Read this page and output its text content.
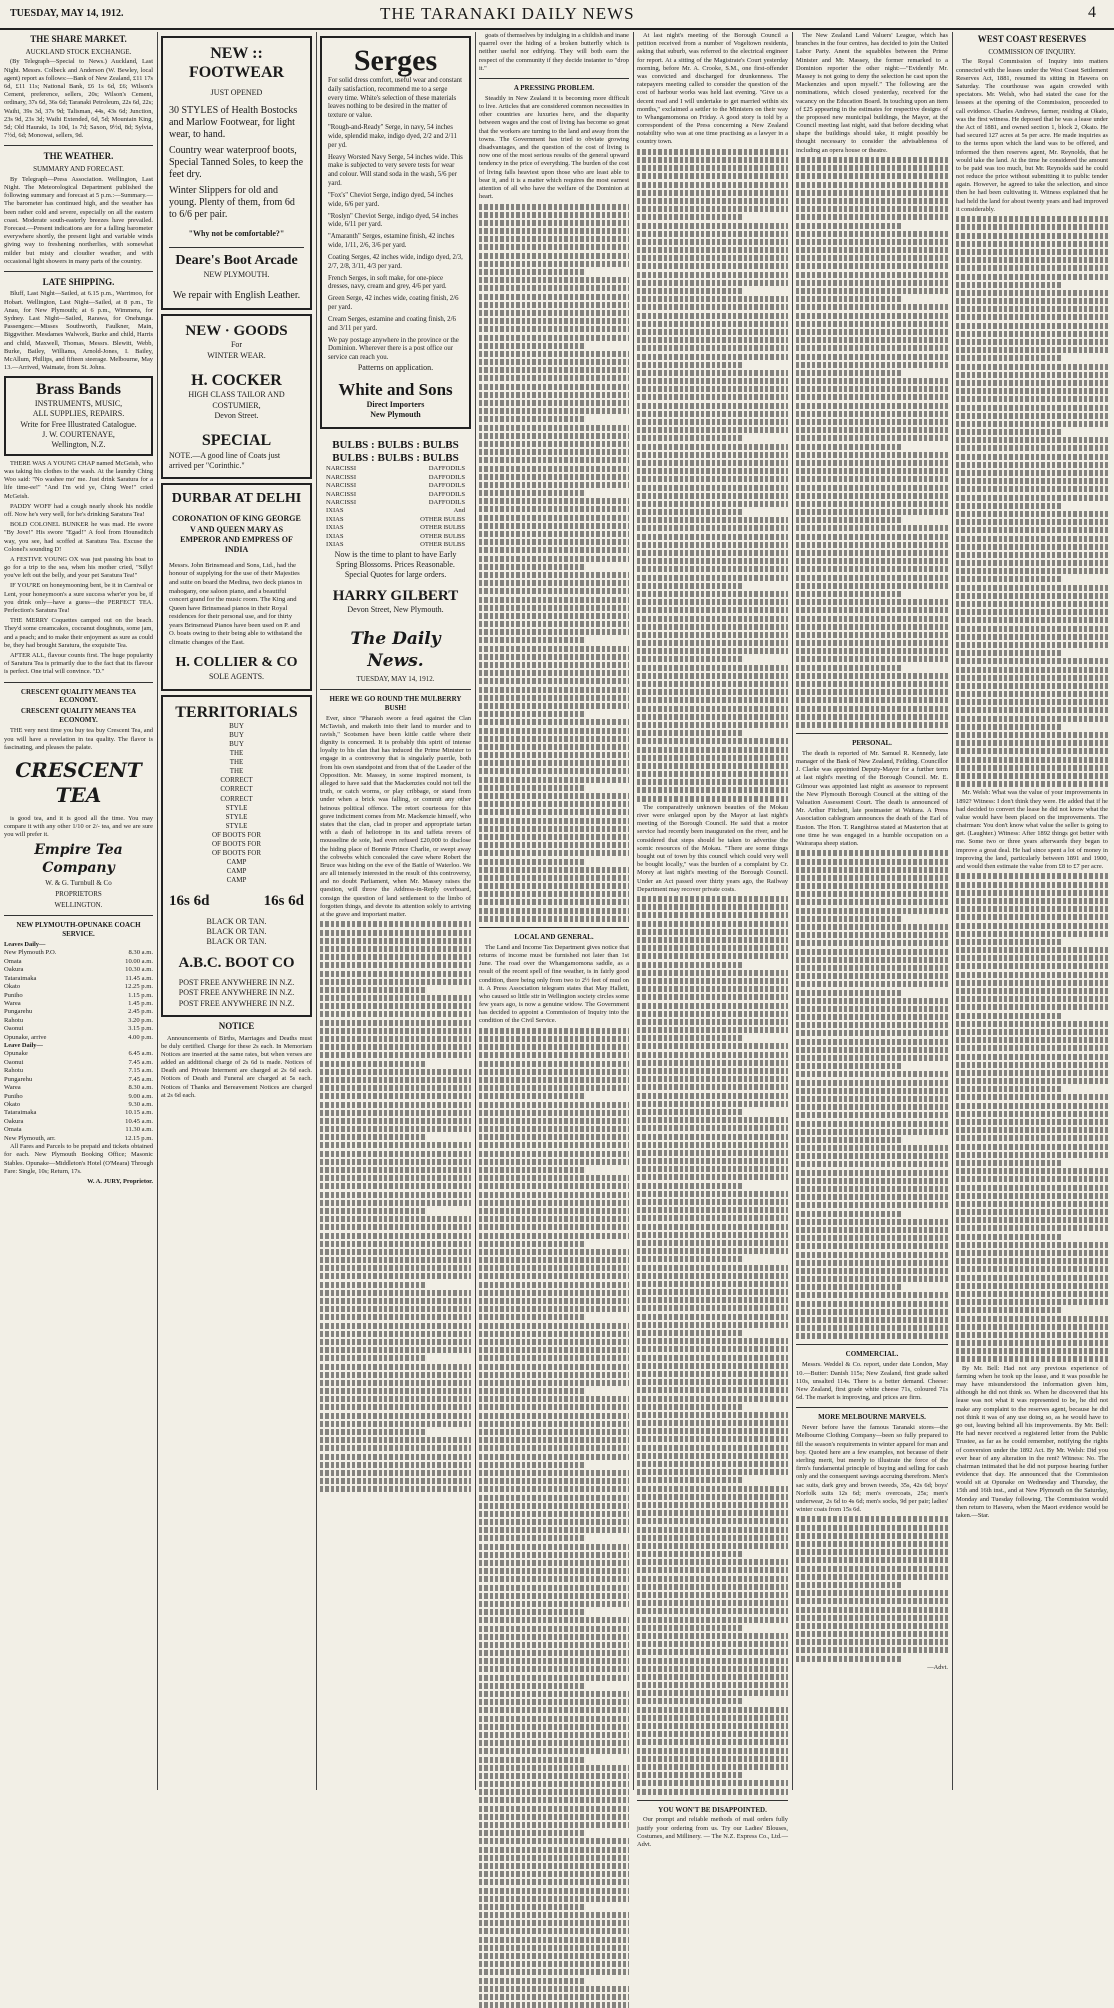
TUESDAY, MAY 14, 1912.	THE TARANAKI DAILY NEWS	4
THE SHARE MARKET.
AUCKLAND STOCK EXCHANGE.

(By Telegraph—Special to News.) Auckland, Last Night. Messrs. Colbeck and Anderson (W. Bewley, local agent) report as follows:—Bank of New Zealand, £11 17s 6d, £11 11s; National Bank, £6 1s 6d, £6; Wilson's Cement, preference, sellers, 20s; Wilson's Cement, ordinary, 37s 6d, 36s 6d; Taranaki Petroleum, 22s 6d, 22s; Waihi, 39s 3d, 37s 9d; Talisman, 44s, 43s 6d; Junction, 23s 9d, 23s 3d; Waihi Extended, 6d, 5d; Mountain King, 5d; Old Hauraki, 1s 10d, 1s 7d; Saxon, 9½d, 8d; Sylvia, 7½d, 6d; Monowai, sellers, 9d.

THE WEATHER.
SUMMARY AND FORECAST.

By Telegraph—Press Association. Wellington, Last Night. The Meteorological Department published the following summary and forecast at 5 p.m.:—Summary.—The barometer has continued high, and the weather has been rather cold and severe, especially on all the eastern coast. Moderate south-easterly breezes have prevailed. Forecast.—Present indications are for a falling barometer everywhere shortly, the present light and variable winds giving way to freshening northerlies, with somewhat milder but misty and cloudier weather, and with occasional light showers in many parts of the country.

LATE SHIPPING.

Bluff, Last Night—Sailed, at 6.15 p.m., Warrimoo, for Hobart. Wellington, Last Night—Sailed, at 8 p.m., Te Anau, for New Plymouth; at 6 p.m., Wimmera, for Sydney. Last Night—Sailed, Rarawa, for Onehunga. Passengers:—Misses Southworth, Faulkner, Main, Biggwither. Mesdames Walwork, Burke and child, Harris and child, Maxwell, Thomas, Messrs. Blewitt, Webb, Burke, Bailey, Williams, Arnold-Jones, I. Bailey, McAllum, Phillips, and fifteen steerage. Melbourne, May 13.—Arrived, Waimate, from St. Johns.

Brass Bands
INSTRUMENTS, MUSIC,
ALL SUPPLIES, REPAIRS.
Write for Free Illustrated Catalogue.
J. W. COURTENAYE,
Wellington, N.Z.

THERE WAS A YOUNG CHAP named McGeish, who was taking his clothes to the wash. At the laundry Ching Woo said: "No washee mo' me. Just drink Saratura for a life time-ee!" "And I'm wid ye, Ching Wee!" cried McGeish.

PADDY WOFF had a cough nearly shook his noddle off. Now he's very well, for he's drinking Saratura Tea!

BOLD COLONEL BUNKER he was mad. He swore "By Jove!" His swore "Egad!" A fool from Hounsditch way, you see, had scoffed at Saratura Tea. Excuse the Colonel's sounding D!

A FESTIVE YOUNG OX was just passing his boat to go for a trip to the sea, when his mother cried, "Silly! you've left out the belly, and your pet Saratura Tea!"

IF YOU'RE on honeymooning bent, be it in Carnival or Lent, your honeymoon's a sure success wher'er you be, if you drink only—have a guess—the PERFECT TEA. Perfection's Saratura Tea!

THE MERRY Coquettes camped out on the beach. They'd some creamcakes, cocoanut doughnuts, some jam, and a peach; and to make their enjoyment as sure as could be, they had brought Saratura, the exquisite Tea.

AFTER ALL, flavour counts first. The huge popularity of Saratura Tea is primarily due to the fact that its flavour is perfect. One trial will convince. "D."

CRESCENT QUALITY MEANS TEA ECONOMY.
CRESCENT QUALITY MEANS TEA ECONOMY.

THE very next time you buy tea buy Crescent Tea, and you will have a revelation in tea quality. The flavor is fascinating, and pleases the palate.

CRESCENT TEA

is good tea, and it is good all the time. You may compare it with any other 1/10 or 2/- tea, and we are sure you will prefer it.

Empire Tea Company
W. & G. Turnbull & Co
PROPRIETORS
WELLINGTON.
NEW PLYMOUTH-OPUNAKE COACH SERVICE.
Leaves Daily—
New Plymouth P.O.	8.30 a.m.
Omata	10.00 a.m.
Oakura	10.30 a.m.
Tataraimaka	11.45 a.m.
Okato	12.25 p.m.
Puniho	1.15 p.m.
Warea	1.45 p.m.
Pungarehu	2.45 p.m.
Rahotu	3.20 p.m.
Oaonui	3.15 p.m.
Opunake, arrive	4.00 p.m.
Leave Daily—
Opunake	6.45 a.m.
Oaonui	7.45 a.m.
Rahotu	7.15 a.m.
Pungarehu	7.45 a.m.
Warea	8.30 a.m.
Puniho	9.00 a.m.
Okato	9.30 a.m.
Tataraimaka	10.15 a.m.
Oakura	10.45 a.m.
Omata	11.30 a.m.
New Plymouth, arr.	12.15 p.m.

All Fares and Parcels to be prepaid and tickets obtained for each. New Plymouth Booking Office; Masonic Stables. Opunake—Middleton's Hotel (O'Meara) Through Fare: Single, 10s; Return, 17s.

W. A. JURY, Proprietor.
NEW :: FOOTWEAR
JUST OPENED
30 STYLES of Health Bostocks and Marlow Footwear, for light wear, to hand.
Country wear waterproof boots, Special Tanned Soles, to keep the feet dry.
Winter Slippers for old and young. Plenty of them, from 6d to 6/6 per pair.
"Why not be comfortable?"
Deare's Boot Arcade
NEW PLYMOUTH.
We repair with English Leather.
NEW · GOODS
For
WINTER WEAR.
H. COCKER
HIGH CLASS TAILOR AND COSTUMIER,
Devon Street.
SPECIAL
NOTE.—A good line of Coats just arrived per "Corinthic."
DURBAR AT DELHI
CORONATION OF KING GEORGE V AND QUEEN MARY AS EMPEROR AND EMPRESS OF INDIA
Messrs. John Brinsmead and Sons, Ltd., had the honour of supplying for the use of their Majesties and suite on board the Medina, two deck pianos in mahogany, one saloon piano, and a beautiful concert grand for the music room. The King and Queen have Brinsmead pianos in their Royal residences for their personal use, and for thirty years Brinsmead Pianos have been used on P. and O. boats owing to their being able to withstand the climatic changes of the East.
H. COLLIER & CO
SOLE AGENTS.
TERRITORIALS
BUY
BUY
BUY
THE
THE
THE
CORRECT
CORRECT
CORRECT
STYLE
STYLE
STYLE
OF BOOTS FOR
OF BOOTS FOR
OF BOOTS FOR
CAMP
CAMP
CAMP
16s 6d	16s 6d
BLACK OR TAN.
BLACK OR TAN.
BLACK OR TAN.
A.B.C. BOOT CO
POST FREE ANYWHERE IN N.Z.
POST FREE ANYWHERE IN N.Z.
POST FREE ANYWHERE IN N.Z.
NOTICE

Announcements of Births, Marriages and Deaths must be duly certified. Charge for these 2s each. In Memoriam Notices are inserted at the same rates, but when verses are added an additional charge of 2s 6d is made. Notices of Death and Private Interment are charged at 2s 6d each. Notices of Death and Funeral are charged at 5s each. Notices of Thanks and Bereavement Notices are charged at 2s 6d each.

Serges
For solid dress comfort, useful wear and constant daily satisfaction, recommend me to a serge every time. White's selection of these materials leaves nothing to be desired in the matter of texture or value.
"Rough-and-Ready" Serge, in navy, 54 inches wide, splendid make, indigo dyed, 2/2 and 2/11 per yd.
Heavy Worsted Navy Serge, 54 inches wide. This make is subjected to very severe tests for wear and colour. Will stand soda in the wash, 5/6 per yard.
"Fox's" Cheviot Serge, indigo dyed, 54 inches wide, 6/6 per yard.
"Roslyn" Cheviot Serge, indigo dyed, 54 inches wide, 6/11 per yard.
"Amaranth" Serges, estamine finish, 42 inches wide, 1/11, 2/6, 3/6 per yard.
Coating Serges, 42 inches wide, indigo dyed, 2/3, 2/7, 2/8, 3/11, 4/3 per yard.
French Serges, in soft make, for one-piece dresses, navy, cream and grey, 4/6 per yard.
Green Serge, 42 inches wide, coating finish, 2/6 per yard.
Cream Serges, estamine and coating finish, 2/6 and 3/11 per yard.
We pay postage anywhere in the province or the Dominion. Wherever there is a post office our service can reach you.
Patterns on application.
White and Sons
Direct Importers
New Plymouth
BULBS : BULBS : BULBS
BULBS : BULBS : BULBS
NARCISSI	DAFFODILS
NARCISSI	DAFFODILS
NARCISSI	DAFFODILS
NARCISSI	DAFFODILS
NARCISSI	DAFFODILS
IXIAS	And
IXIAS	OTHER BULBS
IXIAS	OTHER BULBS
IXIAS	OTHER BULBS
IXIAS	OTHER BULBS
Now is the time to plant to have Early Spring Blossoms. Prices Reasonable. Special Quotes for large orders.
HARRY GILBERT
Devon Street, New Plymouth.
The Daily News.
TUESDAY, MAY 14, 1912.
HERE WE GO ROUND THE MULBERRY BUSH!

Ever, since "Pharaoh swore a feud against the Clan McTavish, and maketh into their land to murder and to ravish," Scotsmen have been kittle cattle where their dignity is concerned. It is probably this spirit of intense loyalty to his clan that has induced the Prime Minister to engage in a controversy that is singularly puerile, both from his own standpoint and from that of the Leader of the Opposition. Mr. Massey, in some inspired moment, is alleged to have said that the Mackenzies could not tell the truth, or catch worms, or play cribbage, or stand from under when a brick was falling, or commit any other heinous political offence. The retort courteous for this grave indictment comes from Mr. Mackenzie himself, who states that the clan, clad in proper and appropriate tartan with a dash of heliotrope in its and taffeta revers of mousseline de soie, had even refused £20,000 to disclose the hiding place of Bonnie Prince Charlie, or swept away the cobwebs which concealed the cave where Robert the Bruce was hiding on the eve of the Battle of Waterloo. We are all intensely interested in the result of this controversy, and no doubt Parliament, when Mr. Massey raises the question, will throw the Address-in-Reply overboard, consign the question of land settlement to the limbo of forgotten things, and devote its attention solely to arriving at the grave and important matter.

goats of themselves by indulging in a childish and inane quarrel over the hiding of a broken butterfly which is neither useful nor edifying. They will both earn the respect of the community if they decide instanter to "drop it."

A PRESSING PROBLEM.

Steadily in New Zealand it is becoming more difficult to live. Articles that are considered common necessities in other countries are luxuries here, and the disparity between wages and the cost of living has become so great that the workers are turning to the land and away from the towns. The Government has tried to obviate growing disadvantages, and the question of the cost of living is now one of the most serious results of the general upward tendency in the price of everything. The burden of the cost of living falls heaviest upon those who are least able to bear it, and it is a matter which requires the most earnest attention of all who have the welfare of the Dominion at heart.

LOCAL AND GENERAL.

The Land and Income Tax Department gives notice that returns of income must be furnished not later than 1st June. The road over the Whangamomona saddle, as a result of the recent spell of fine weather, is in fairly good condition, there being only from two to 2½ feet of mud on it. A Press Association telegram states that May Hallett, who caused so little stir in Wellington society circles some few years ago, is now a genuine widow. The Government has decided to appoint a Commission of Inquiry into the condition of the Civil Service.

At last night's meeting of the Borough Council a petition received from a number of Vogeltown residents, asking that suburb, was referred to the electrical engineer for report. At a sitting of the Magistrate's Court yesterday morning, before Mr. A. Crooke, S.M., one first-offender was convicted and discharged for drunkenness. The ratepayers meeting called to consider the question of the cost of harbour works was held last evening. "Give us a decent road and I will undertake to get married within six months," exclaimed a settler to the Ministers on their way to Whangamomona on Friday. A good story is told by a correspondent of the Press concerning a New Zealand notability who was at one time practising as a lawyer in a country town.

The comparatively unknown beauties of the Mokau river were enlarged upon by the Mayor at last night's meeting of the Borough Council. He said that a motor service had recently been inaugurated on the river, and he considered that steps should be taken to advertise the scenic resources of the Mokau. "There are some things bought out of town by this council which could very well be bought locally," was the burden of a complaint by Cr. Morey at last night's meeting of the Borough Council. Under an Act passed over thirty years ago, the Railway Department may recover private costs.

YOU WON'T BE DISAPPOINTED.

Our prompt and reliable methods of mail orders fully justify your ordering from us. Try our Ladies' Blouses, Costumes, and Millinery. — The N.Z. Express Co., Ltd.—Advt.

The New Zealand Land Valuers' League, which has branches in the four centres, has decided to join the United Labor Party. Anent the squabbles between the Prime Minister and Mr. Massey, the former remarked to a Dominion reporter the other night:—"Evidently Mr. Massey is not going to deny the selection he cast upon the Mackenzies and upon myself." The following are the nominations, which closed yesterday, received for the vacancy on the Education Board. In touching upon an item of £25 appearing in the estimates for respective designs of the proposed new municipal buildings, the Mayor, at the Council meeting last night, said that before deciding what shape the buildings should take, it might possibly be thought necessary to consider the advisableness of including an opera house or theatre.

PERSONAL.

The death is reported of Mr. Samuel R. Kennedy, late manager of the Bank of New Zealand, Feilding. Councillor J. Clarke was appointed Deputy-Mayor for a further term at last night's meeting of the Borough Council. Mr. E. Gilmour was appointed last night as assessor to represent the New Plymouth Borough Council at the sitting of the Valuation Assessment Court. The death is announced of Mr. Arthur Fitchett, late postmaster at Waitara. A Press Association cablegram announces the death of the Earl of Euston. The Hon. T. Rangihiroa stated at Masterton that at one time he was engaged in a humble occupation on a Wairarapa sheep station.

COMMERCIAL.

Messrs. Weddel & Co. report, under date London, May 10.—Butter: Danish 115s; New Zealand, first grade salted 110s, unsalted 114s. There is a better demand. Cheese: New Zealand, first grade white cheese 71s, coloured 71s 6d. The market is improving, and prices are firm.

MORE MELBOURNE MARVELS.

Never before have the famous Taranaki stores—the Melbourne Clothing Company—been so fully prepared to fill the season's requirements in winter apparel for man and boy. Quoted here are a few examples, not because of their sterling merit, but merely to illustrate the force of the firm's fundamental principle of buying and selling for cash only and the consequent savings accruing therefrom. Men's sac suits, dark grey and brown tweeds, 35s, 42s 6d; boys' Norfolk suits 12s 6d; men's overcoats, 25s; men's underwear, 2s 6d to 4s 6d; men's socks, 9d per pair; ladies' winter coats from 15s 6d.

—Advt.
WEST COAST RESERVES
COMMISSION OF INQUIRY.

The Royal Commission of Inquiry into matters connected with the leases under the West Coast Settlement Reserves Act, 1881, resumed its sitting in Hawera on Saturday. The courthouse was again crowded with spectators. Mr. Welsh, who had stated the case for the lessees at the opening of the Commission, proceeded to call evidence. Charles Andrews, farmer, residing at Okato, was the first witness. He deposed that he was a lease under the Act of 1881, and owned section 1, block 2, Okato. He had secured 127 acres at 5s per acre. He made inquiries as to the terms upon which the land was to be offered, and informed the then reserves agent, Mr. Reynolds, that he would take the land. At the time he considered the amount to be paid was too much, but Mr. Reynolds said he could not reduce the price without submitting it to public tender again. However, he agreed to take the selection, and since then he had been cultivating it. Witness explained that he had held the land for about twenty years and had improved it considerably.

Mr. Welsh: What was the value of your improvements in 1892? Witness: I don't think they were. He added that if he had decided to convert the lease he did not know what the value would have been placed on the improvements. The chairman: You don't know what value the seller is going to get. (Laughter.) Witness: After 1892 things got better with me. Some two or three years afterwards they began to improve a great deal. He had since spent a lot of money in improving the land, particularly between 1891 and 1900, and would then estimate the value from £8 to £7 per acre.

By Mr. Bell: Had not any previous experience of farming when he took up the lease, and it was possible he may have misunderstood the information given him, although he did not think so. When he discovered that his lease was not what it was represented to be, he did not make any complaint to the reserves agent, because he did not think it was of any use doing so, as he would have to go out, leaving behind all his improvements. By Mr. Bell: He had never received a registered letter from the Public Trustee, as far as he could remember, notifying the rights of conversion under the 1892 Act. By Mr. Welsh: Did you ever hear of any alteration in the rent? Witness: No. The chairman intimated that he did not purpose hearing further evidence that day. He announced that the Commission would sit at Opunake on Wednesday and Thursday, the 15th and 16th inst., and at New Plymouth on the Saturday, Monday and Tuesday following. The Commission would then return to Hawera, when the Maori evidence would be taken.—Star.
